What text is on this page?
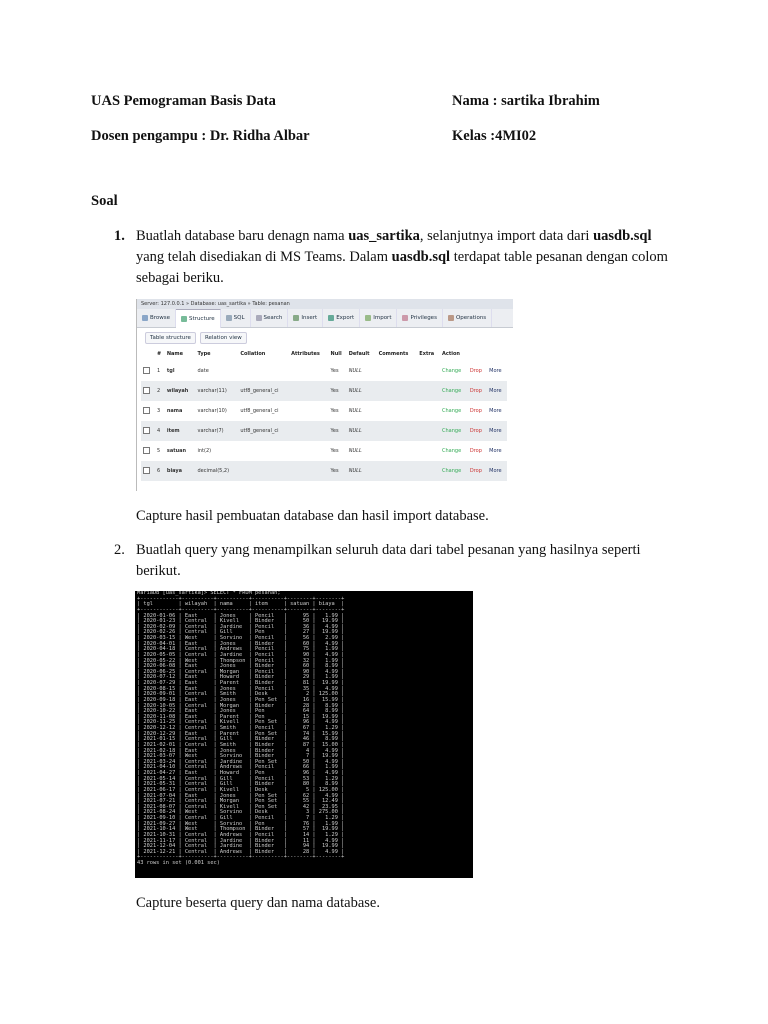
UAS Pemograman Basis Data	Nama : sartika Ibrahim
Dosen pengampu : Dr. Ridha Albar	Kelas :4MI02
Soal
1. Buatlah database baru denagn nama uas_sartika, selanjutnya import data dari uasdb.sql yang telah disediakan di MS Teams. Dalam uasdb.sql terdapat table pesanan dengan colom sebagai beriku.
Server: 127.0.0.1 » Database: uas_sartika » Table: pesanan
Browse	Structure	SQL	Search	Insert	Export	Import	Privileges	Operations
Table structure	Relation view
	#	Name	Type	Collation	Attributes	Null	Default	Comments	Extra	Action		
	1	tgl	date			Yes	NULL			Change	Drop	More
	2	wilayah	varchar(11)	utf8_general_ci		Yes	NULL			Change	Drop	More
	3	nama	varchar(10)	utf8_general_ci		Yes	NULL			Change	Drop	More
	4	item	varchar(7)	utf8_general_ci		Yes	NULL			Change	Drop	More
	5	satuan	int(2)			Yes	NULL			Change	Drop	More
	6	biaya	decimal(5,2)			Yes	NULL			Change	Drop	More
Capture hasil pembuatan database dan hasil import database.
2. Buatlah query yang menampilkan seluruh data dari tabel pesanan yang hasilnya seperti berikut.
MariaDB [uas_sartika]> SELECT * FROM pesanan;
+------------+----------+----------+----------+--------+--------+
| tgl        | wilayah  | nama     | item     | satuan | biaya  |
+------------+----------+----------+----------+--------+--------+
| 2020-01-06 | East     | Jones    | Pencil   |     95 |   1.99 |
| 2020-01-23 | Central  | Kivell   | Binder   |     50 |  19.99 |
| 2020-02-09 | Central  | Jardine  | Pencil   |     36 |   4.99 |
| 2020-02-26 | Central  | Gill     | Pen      |     27 |  19.99 |
| 2020-03-15 | West     | Sorvino  | Pencil   |     56 |   2.99 |
| 2020-04-01 | East     | Jones    | Binder   |     60 |   4.99 |
| 2020-04-18 | Central  | Andrews  | Pencil   |     75 |   1.99 |
| 2020-05-05 | Central  | Jardine  | Pencil   |     90 |   4.99 |
| 2020-05-22 | West     | Thompson | Pencil   |     32 |   1.99 |
| 2020-06-08 | East     | Jones    | Binder   |     60 |   8.99 |
| 2020-06-25 | Central  | Morgan   | Pencil   |     90 |   4.99 |
| 2020-07-12 | East     | Howard   | Binder   |     29 |   1.99 |
| 2020-07-29 | East     | Parent   | Binder   |     81 |  19.99 |
| 2020-08-15 | East     | Jones    | Pencil   |     35 |   4.99 |
| 2020-09-01 | Central  | Smith    | Desk     |      2 | 125.00 |
| 2020-09-18 | East     | Jones    | Pen Set  |     16 |  15.99 |
| 2020-10-05 | Central  | Morgan   | Binder   |     28 |   8.99 |
| 2020-10-22 | East     | Jones    | Pen      |     64 |   8.99 |
| 2020-11-08 | East     | Parent   | Pen      |     15 |  19.99 |
| 2020-11-25 | Central  | Kivell   | Pen Set  |     96 |   4.99 |
| 2020-12-12 | Central  | Smith    | Pencil   |     67 |   1.29 |
| 2020-12-29 | East     | Parent   | Pen Set  |     74 |  15.99 |
| 2021-01-15 | Central  | Gill     | Binder   |     46 |   8.99 |
| 2021-02-01 | Central  | Smith    | Binder   |     87 |  15.00 |
| 2021-02-18 | East     | Jones    | Binder   |      4 |   4.99 |
| 2021-03-07 | West     | Sorvino  | Binder   |      7 |  19.99 |
| 2021-03-24 | Central  | Jardine  | Pen Set  |     50 |   4.99 |
| 2021-04-10 | Central  | Andrews  | Pencil   |     66 |   1.99 |
| 2021-04-27 | East     | Howard   | Pen      |     96 |   4.99 |
| 2021-05-14 | Central  | Gill     | Pencil   |     53 |   1.29 |
| 2021-05-31 | Central  | Gill     | Binder   |     80 |   8.99 |
| 2021-06-17 | Central  | Kivell   | Desk     |      5 | 125.00 |
| 2021-07-04 | East     | Jones    | Pen Set  |     62 |   4.99 |
| 2021-07-21 | Central  | Morgan   | Pen Set  |     55 |  12.49 |
| 2021-08-07 | Central  | Kivell   | Pen Set  |     42 |  23.95 |
| 2021-08-24 | West     | Sorvino  | Desk     |      3 | 275.00 |
| 2021-09-10 | Central  | Gill     | Pencil   |      7 |   1.29 |
| 2021-09-27 | West     | Sorvino  | Pen      |     76 |   1.99 |
| 2021-10-14 | West     | Thompson | Binder   |     57 |  19.99 |
| 2021-10-31 | Central  | Andrews  | Pencil   |     14 |   1.29 |
| 2021-11-17 | Central  | Jardine  | Binder   |     11 |   4.99 |
| 2021-12-04 | Central  | Jardine  | Binder   |     94 |  19.99 |
| 2021-12-21 | Central  | Andrews  | Binder   |     28 |   4.99 |
+------------+----------+----------+----------+--------+--------+
43 rows in set (0.001 sec)
Capture beserta query dan nama database.
